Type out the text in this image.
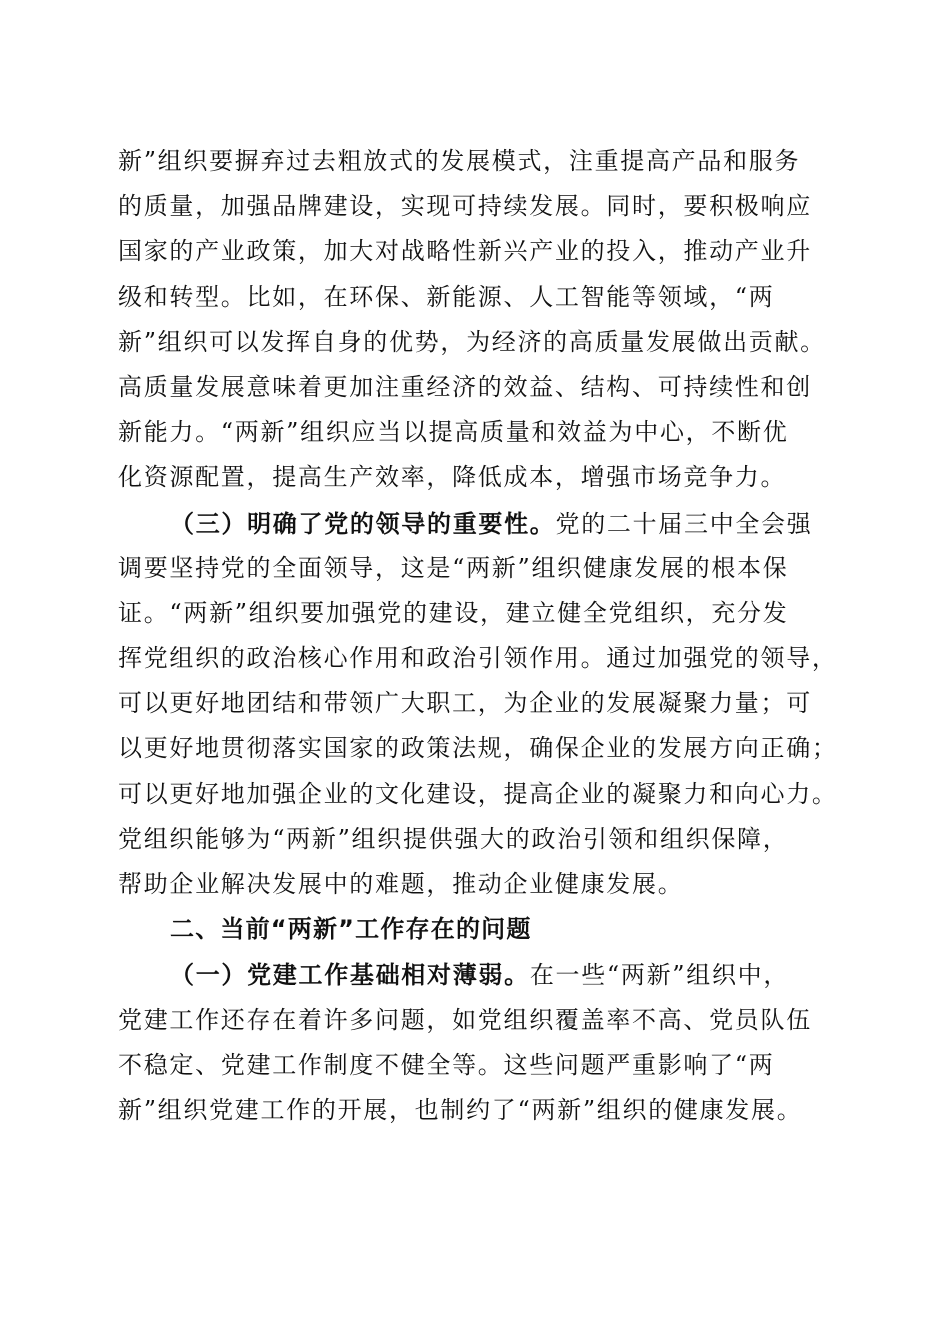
新”组织要摒弃过去粗放式的发展模式，注重提高产品和服务
的质量，加强品牌建设，实现可持续发展。同时，要积极响应
国家的产业政策，加大对战略性新兴产业的投入，推动产业升
级和转型。比如，在环保、新能源、人工智能等领域，“两
新”组织可以发挥自身的优势，为经济的高质量发展做出贡献。
高质量发展意味着更加注重经济的效益、结构、可持续性和创
新能力。“两新”组织应当以提高质量和效益为中心，不断优
化资源配置，提高生产效率，降低成本，增强市场竞争力。
（三）明确了党的领导的重要性。党的二十届三中全会强
调要坚持党的全面领导，这是“两新”组织健康发展的根本保
证。“两新”组织要加强党的建设，建立健全党组织，充分发
挥党组织的政治核心作用和政治引领作用。通过加强党的领导，
可以更好地团结和带领广大职工，为企业的发展凝聚力量；可
以更好地贯彻落实国家的政策法规，确保企业的发展方向正确；
可以更好地加强企业的文化建设，提高企业的凝聚力和向心力。
党组织能够为“两新”组织提供强大的政治引领和组织保障，
帮助企业解决发展中的难题，推动企业健康发展。
二、当前“两新”工作存在的问题
（一）党建工作基础相对薄弱。在一些“两新”组织中，
党建工作还存在着许多问题，如党组织覆盖率不高、党员队伍
不稳定、党建工作制度不健全等。这些问题严重影响了“两
新”组织党建工作的开展，也制约了“两新”组织的健康发展。
